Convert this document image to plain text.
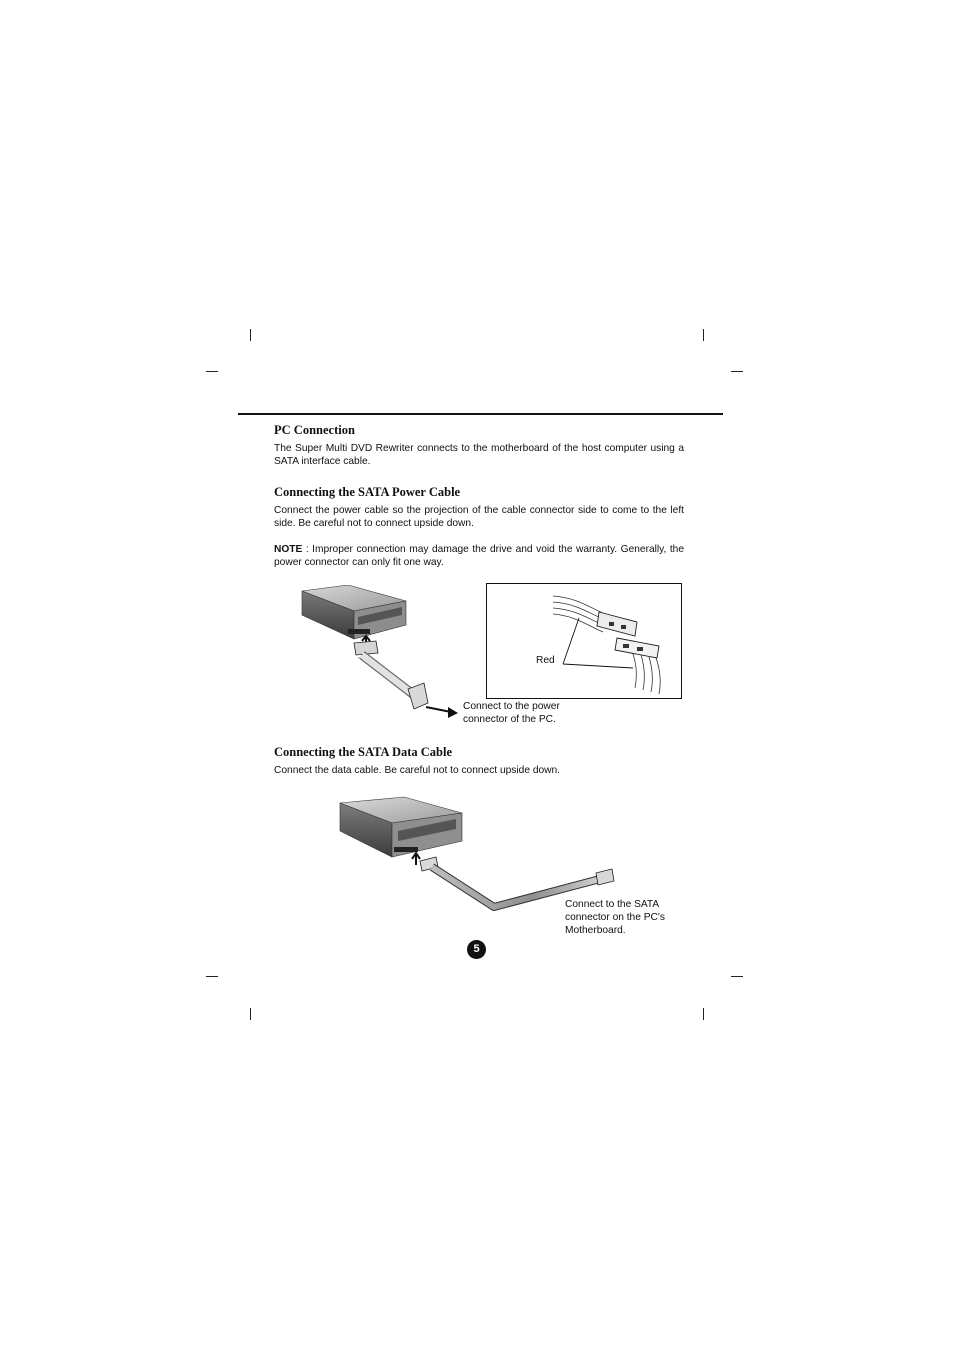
PC Connection

The Super Multi DVD Rewriter connects to the motherboard of the host computer using a SATA interface cable.

Connecting the SATA Power Cable

Connect the power cable so the projection of the cable connector side to come to the left side. Be careful not to connect upside down.

NOTE : Improper connection may damage the drive and void the warranty. Generally, the power connector can only fit one way.

Connect to the power
connector of the PC.
Red
Connecting the SATA Data Cable

Connect the data cable. Be careful not to connect upside down.

Connect to the SATA
connector on the PC's
Motherboard.
5
